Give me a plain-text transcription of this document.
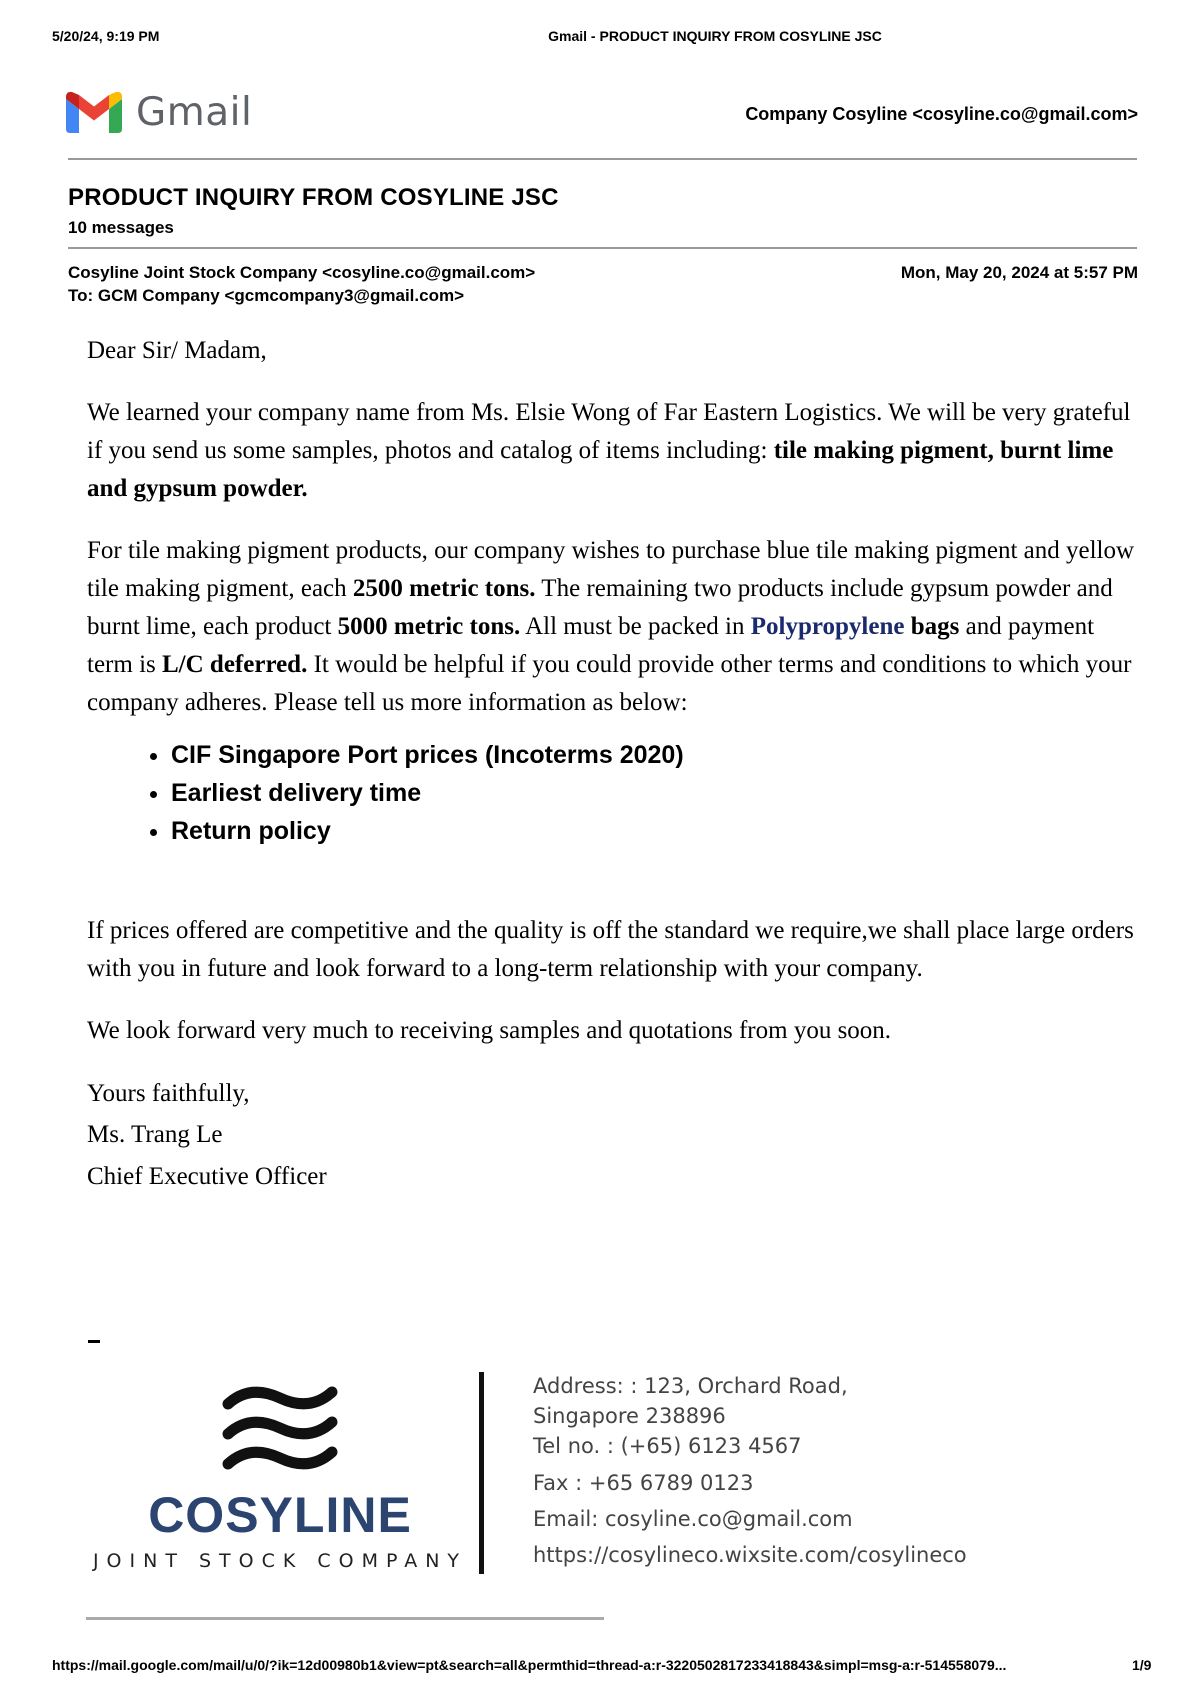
5/20/24, 9:19 PM	Gmail - PRODUCT INQUIRY FROM COSYLINE JSC
Gmail	Company Cosyline <cosyline.co@gmail.com>
PRODUCT INQUIRY FROM COSYLINE JSC
10 messages
Cosyline Joint Stock Company <cosyline.co@gmail.com>
To: GCM Company <gcmcompany3@gmail.com>
Mon, May 20, 2024 at 5:57 PM

Dear Sir/ Madam,

We learned your company name from Ms. Elsie Wong of Far Eastern Logistics. We will be very grateful if you send us some samples, photos and catalog of items including: tile making pigment, burnt lime and gypsum powder.

For tile making pigment products, our company wishes to purchase blue tile making pigment and yellow tile making pigment, each 2500 metric tons. The remaining two products include gypsum powder and burnt lime, each product 5000 metric tons. All must be packed in Polypropylene bags and payment term is L/C deferred. It would be helpful if you could provide other terms and conditions to which your company adheres. Please tell us more information as below:

• CIF Singapore Port prices (Incoterms 2020)
• Earliest delivery time
• Return policy

If prices offered are competitive and the quality is off the standard we require,we shall place large orders with you in future and look forward to a long-term relationship with your company.

We look forward very much to receiving samples and quotations from you soon.

Yours faithfully,

Ms. Trang Le

Chief Executive Officer

COSYLINE
JOINT STOCK COMPANY
Address: : 123, Orchard Road,
Singapore 238896
Tel no. : (+65) 6123 4567
Fax : +65 6789 0123
Email: cosyline.co@gmail.com
https://cosylineco.wixsite.com/cosylineco
https://mail.google.com/mail/u/0/?ik=12d00980b1&view=pt&search=all&permthid=thread-a:r-3220502817233418843&simpl=msg-a:r-514558079...	1/9
